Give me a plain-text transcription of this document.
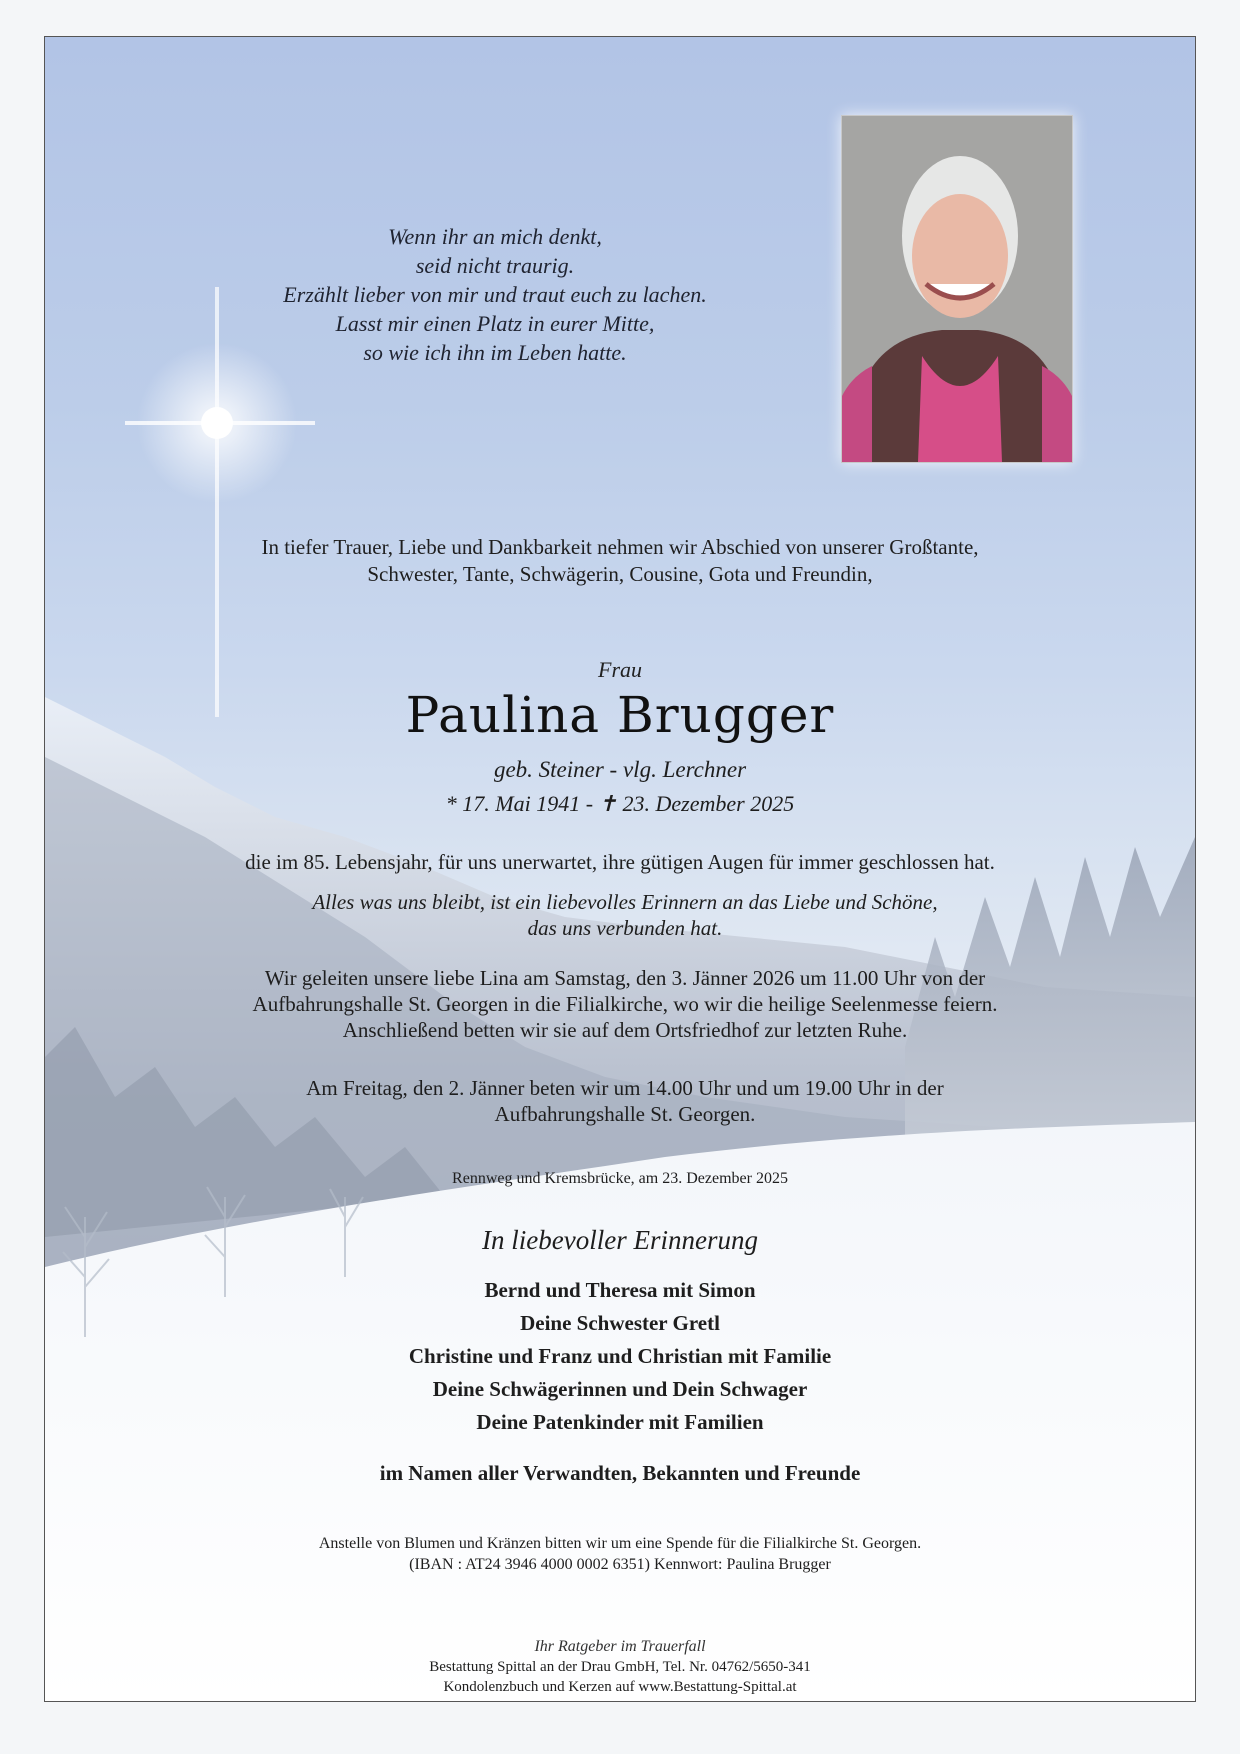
Wenn ihr an mich denkt,
seid nicht traurig.
Erzählt lieber von mir und traut euch zu lachen.
Lasst mir einen Platz in eurer Mitte,
so wie ich ihn im Leben hatte.
In tiefer Trauer, Liebe und Dankbarkeit nehmen wir Abschied von unserer Großtante,
Schwester, Tante, Schwägerin, Cousine, Gota und Freundin,
Frau
Paulina Brugger
geb. Steiner - vlg. Lerchner
* 17. Mai 1941 - ✝ 23. Dezember 2025
die im 85. Lebensjahr, für uns unerwartet, ihre gütigen Augen für immer geschlossen hat.
Alles was uns bleibt, ist ein liebevolles Erinnern an das Liebe und Schöne,
das uns verbunden hat.
Wir geleiten unsere liebe Lina am Samstag, den 3. Jänner 2026 um 11.00 Uhr von der
Aufbahrungshalle St. Georgen in die Filialkirche, wo wir die heilige Seelenmesse feiern.
Anschließend betten wir sie auf dem Ortsfriedhof zur letzten Ruhe.
Am Freitag, den 2. Jänner beten wir um 14.00 Uhr und um 19.00 Uhr in der
Aufbahrungshalle St. Georgen.
Rennweg und Kremsbrücke, am 23. Dezember 2025
In liebevoller Erinnerung
Bernd und Theresa mit Simon
Deine Schwester Gretl
Christine und Franz und Christian mit Familie
Deine Schwägerinnen und Dein Schwager
Deine Patenkinder mit Familien
im Namen aller Verwandten, Bekannten und Freunde
Anstelle von Blumen und Kränzen bitten wir um eine Spende für die Filialkirche St. Georgen.
(IBAN : AT24 3946 4000 0002 6351) Kennwort: Paulina Brugger
Ihr Ratgeber im Trauerfall
Bestattung Spittal an der Drau GmbH, Tel. Nr. 04762/5650-341
Kondolenzbuch und Kerzen auf www.Bestattung-Spittal.at
